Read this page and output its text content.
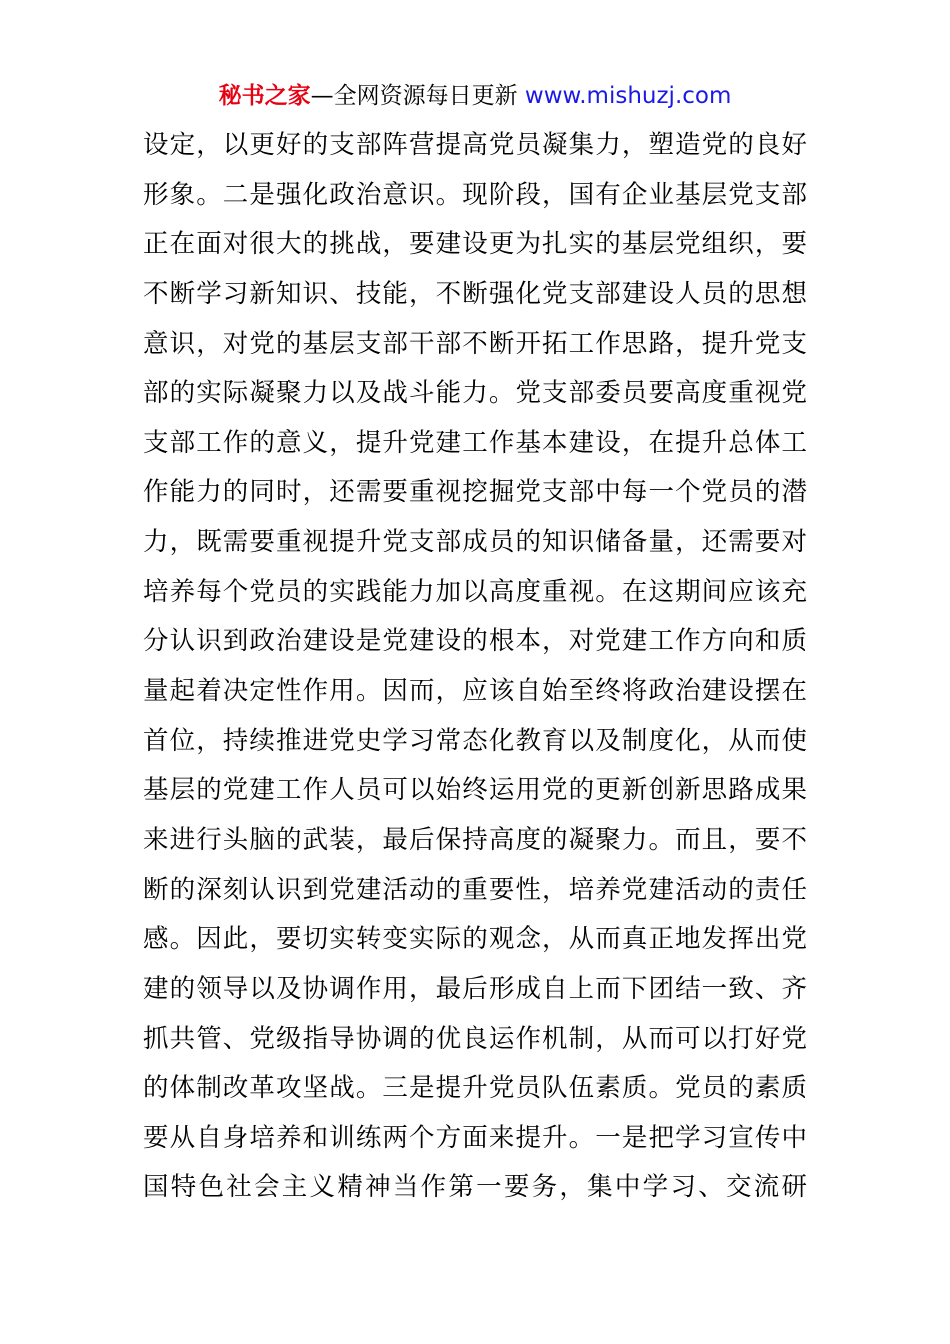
秘书之家—全网资源每日更新 www.mishuzj.com
设定，以更好的支部阵营提高党员凝集力，塑造党的良好
形象。二是强化政治意识。现阶段，国有企业基层党支部
正在面对很大的挑战，要建设更为扎实的基层党组织，要
不断学习新知识、技能，不断强化党支部建设人员的思想
意识，对党的基层支部干部不断开拓工作思路，提升党支
部的实际凝聚力以及战斗能力。党支部委员要高度重视党
支部工作的意义，提升党建工作基本建设，在提升总体工
作能力的同时，还需要重视挖掘党支部中每一个党员的潜
力，既需要重视提升党支部成员的知识储备量，还需要对
培养每个党员的实践能力加以高度重视。在这期间应该充
分认识到政治建设是党建设的根本，对党建工作方向和质
量起着决定性作用。因而，应该自始至终将政治建设摆在
首位，持续推进党史学习常态化教育以及制度化，从而使
基层的党建工作人员可以始终运用党的更新创新思路成果
来进行头脑的武装，最后保持高度的凝聚力。而且，要不
断的深刻认识到党建活动的重要性，培养党建活动的责任
感。因此，要切实转变实际的观念，从而真正地发挥出党
建的领导以及协调作用，最后形成自上而下团结一致、齐
抓共管、党级指导协调的优良运作机制，从而可以打好党
的体制改革攻坚战。三是提升党员队伍素质。党员的素质
要从自身培养和训练两个方面来提升。一是把学习宣传中
国特色社会主义精神当作第一要务，集中学习、交流研
